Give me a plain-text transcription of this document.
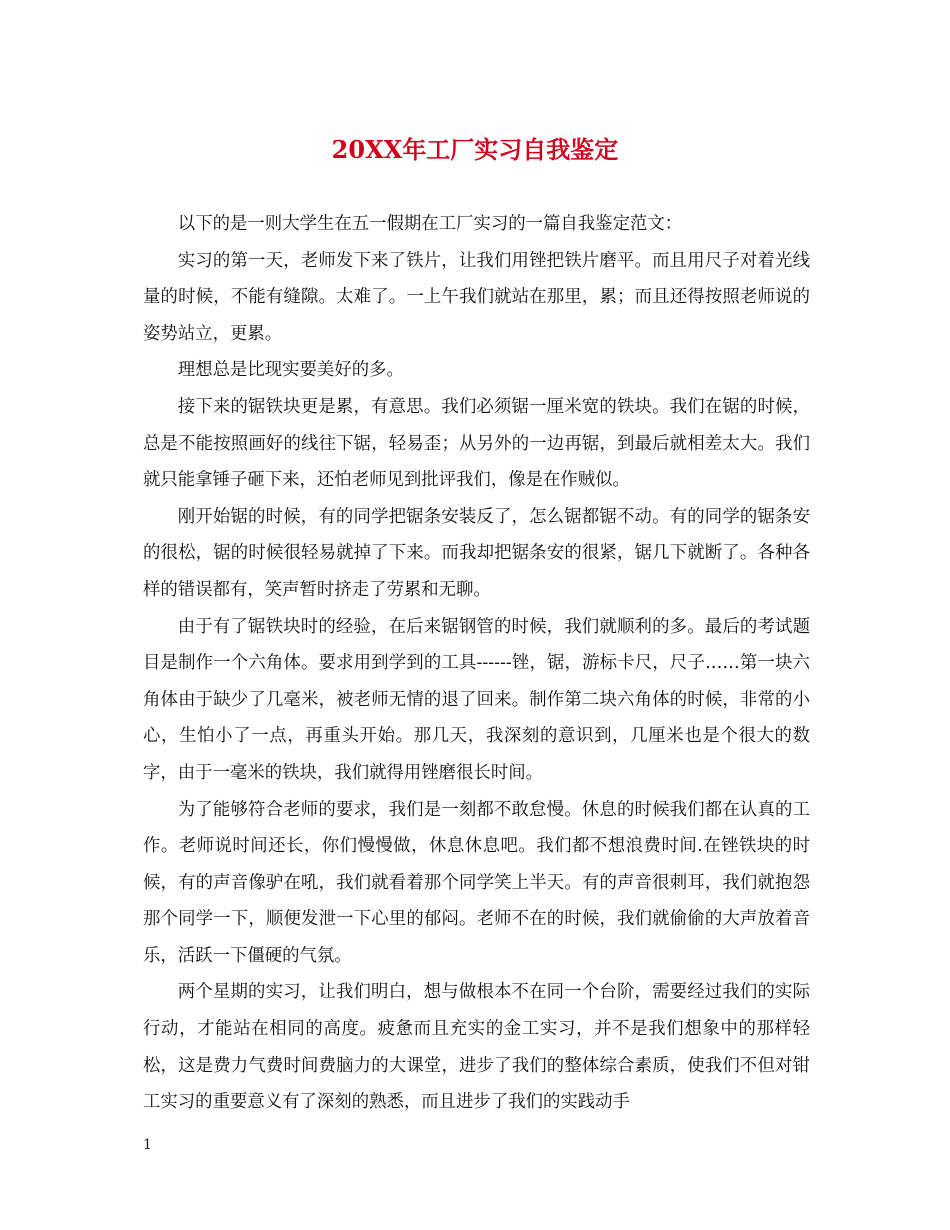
20XX年工厂实习自我鉴定

以下的是一则大学生在五一假期在工厂实习的一篇自我鉴定范文：

实习的第一天，老师发下来了铁片，让我们用锉把铁片磨平。而且用尺子对着光线量的时候，不能有缝隙。太难了。一上午我们就站在那里，累；而且还得按照老师说的姿势站立，更累。

理想总是比现实要美好的多。

接下来的锯铁块更是累，有意思。我们必须锯一厘米宽的铁块。我们在锯的时候，总是不能按照画好的线往下锯，轻易歪；从另外的一边再锯，到最后就相差太大。我们就只能拿锤子砸下来，还怕老师见到批评我们，像是在作贼似。

刚开始锯的时候，有的同学把锯条安装反了，怎么锯都锯不动。有的同学的锯条安的很松，锯的时候很轻易就掉了下来。而我却把锯条安的很紧，锯几下就断了。各种各样的错误都有，笑声暂时挤走了劳累和无聊。

由于有了锯铁块时的经验，在后来锯钢管的时候，我们就顺利的多。最后的考试题目是制作一个六角体。要求用到学到的工具------锉，锯，游标卡尺，尺子……第一块六角体由于缺少了几毫米，被老师无情的退了回来。制作第二块六角体的时候，非常的小心，生怕小了一点，再重头开始。那几天，我深刻的意识到，几厘米也是个很大的数字，由于一毫米的铁块，我们就得用锉磨很长时间。

为了能够符合老师的要求，我们是一刻都不敢怠慢。休息的时候我们都在认真的工作。老师说时间还长，你们慢慢做，休息休息吧。我们都不想浪费时间.在锉铁块的时候，有的声音像驴在吼，我们就看着那个同学笑上半天。有的声音很刺耳，我们就抱怨那个同学一下，顺便发泄一下心里的郁闷。老师不在的时候，我们就偷偷的大声放着音乐，活跃一下僵硬的气氛。

两个星期的实习，让我们明白，想与做根本不在同一个台阶，需要经过我们的实际行动，才能站在相同的高度。疲惫而且充实的金工实习，并不是我们想象中的那样轻松，这是费力气费时间费脑力的大课堂，进步了我们的整体综合素质，使我们不但对钳工实习的重要意义有了深刻的熟悉，而且进步了我们的实践动手

1
